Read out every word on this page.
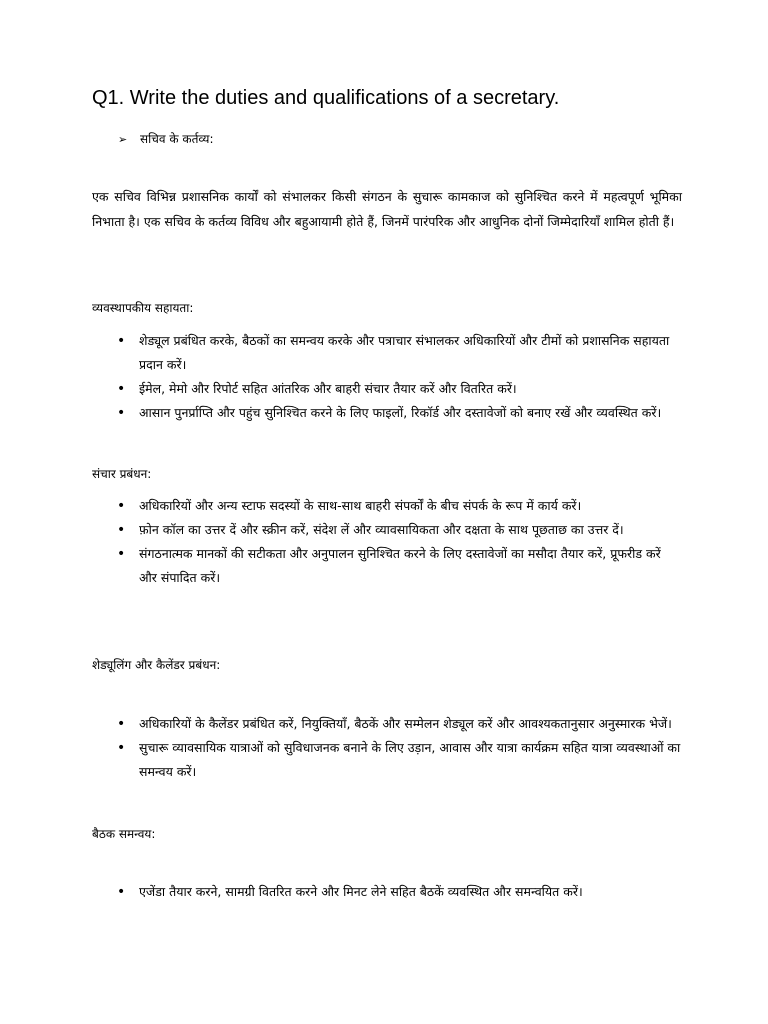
Q1. Write the duties and qualifications of a secretary.
➢ सचिव के कर्तव्य:

एक सचिव विभिन्न प्रशासनिक कार्यों को संभालकर किसी संगठन के सुचारू कामकाज को सुनिश्चित करने में महत्वपूर्ण भूमिका निभाता है। एक सचिव के कर्तव्य विविध और बहुआयामी होते हैं, जिनमें पारंपरिक और आधुनिक दोनों जिम्मेदारियाँ शामिल होती हैं।

व्यवस्थापकीय सहायता:
• शेड्यूल प्रबंधित करके, बैठकों का समन्वय करके और पत्राचार संभालकर अधिकारियों और टीमों को प्रशासनिक सहायता प्रदान करें।
• ईमेल, मेमो और रिपोर्ट सहित आंतरिक और बाहरी संचार तैयार करें और वितरित करें।
• आसान पुनर्प्राप्ति और पहुंच सुनिश्चित करने के लिए फाइलों, रिकॉर्ड और दस्तावेजों को बनाए रखें और व्यवस्थित करें।
संचार प्रबंधन:
• अधिकारियों और अन्य स्टाफ सदस्यों के साथ-साथ बाहरी संपर्कों के बीच संपर्क के रूप में कार्य करें।
• फ़ोन कॉल का उत्तर दें और स्क्रीन करें, संदेश लें और व्यावसायिकता और दक्षता के साथ पूछताछ का उत्तर दें।
• संगठनात्मक मानकों की सटीकता और अनुपालन सुनिश्चित करने के लिए दस्तावेजों का मसौदा तैयार करें, प्रूफरीड करें और संपादित करें।
शेड्यूलिंग और कैलेंडर प्रबंधन:
• अधिकारियों के कैलेंडर प्रबंधित करें, नियुक्तियाँ, बैठकें और सम्मेलन शेड्यूल करें और आवश्यकतानुसार अनुस्मारक भेजें।
• सुचारू व्यावसायिक यात्राओं को सुविधाजनक बनाने के लिए उड़ान, आवास और यात्रा कार्यक्रम सहित यात्रा व्यवस्थाओं का समन्वय करें।
बैठक समन्वय:
• एजेंडा तैयार करने, सामग्री वितरित करने और मिनट लेने सहित बैठकें व्यवस्थित और समन्वयित करें।
